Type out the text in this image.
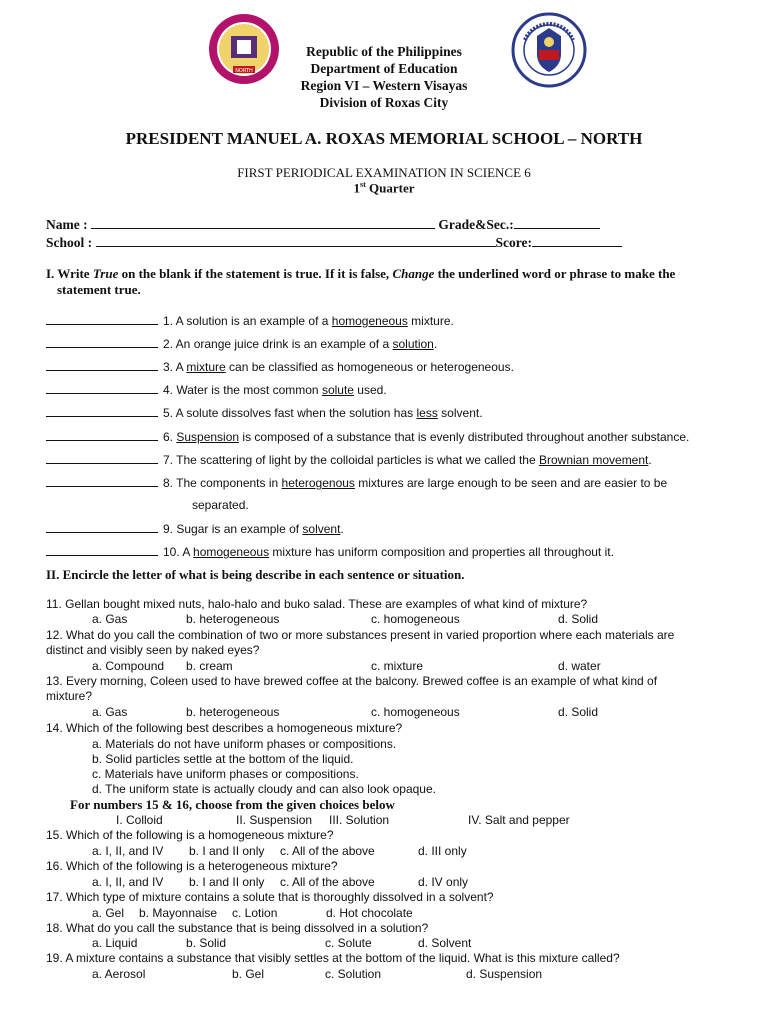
NORTH
Republic of the Philippines
Department of Education
Region VI – Western Visayas
Division of Roxas City
PRESIDENT MANUEL A. ROXAS MEMORIAL SCHOOL – NORTH
FIRST PERIODICAL EXAMINATION IN SCIENCE 6
1st Quarter
Name :	Grade&Sec.:
School :	Score:
I. Write True on the blank if the statement is true. If it is false, Change the underlined word or phrase to make the
statement true.
1. A solution is an example of a homogeneous mixture.
2. An orange juice drink is an example of a solution.
3. A mixture can be classified as homogeneous or heterogeneous.
4. Water is the most common solute used.
5. A solute dissolves fast when the solution has less solvent.
6. Suspension is composed of a substance that is evenly distributed throughout another substance.
7. The scattering of light by the colloidal particles is what we called the Brownian movement.
8. The components in heterogenous mixtures are large enough to be seen and are easier to be
9. Sugar is an example of solvent.
10. A homogeneous mixture has uniform composition and properties all throughout it.
separated.
II. Encircle the letter of what is being describe in each sentence or situation.
11. Gellan bought mixed nuts, halo-halo and buko salad. These are examples of what kind of mixture?
a. Gas	b. heterogeneous	c. homogeneous	d. Solid
12. What do you call the combination of two or more substances present in varied proportion where each materials are
distinct and visibly seen by naked eyes?
a. Compound b. cream	c. mixture	d. water
13. Every morning, Coleen used to have brewed coffee at the balcony. Brewed coffee is an example of what kind of
mixture?
a. Gas	b. heterogeneous	c. homogeneous	d. Solid
14. Which of the following best describes a homogeneous mixture?
a. Materials do not have uniform phases or compositions.
b. Solid particles settle at the bottom of the liquid.
c. Materials have uniform phases or compositions.
d. The uniform state is actually cloudy and can also look opaque.
For numbers 15 & 16, choose from the given choices below
I. Colloid	II. Suspension III. Solution	IV. Salt and pepper
15. Which of the following is a homogeneous mixture?
a. I, II, and IV b. I and II only c. All of the above	d. III only
16. Which of the following is a heterogeneous mixture?
a. I, II, and IV b. I and II only c. All of the above	d. IV only
17. Which type of mixture contains a solute that is thoroughly dissolved in a solvent?
a. Gel b. Mayonnaise c. Lotion	d. Hot chocolate
18. What do you call the substance that is being dissolved in a solution?
a. Liquid	b. Solid	c. Solute	d. Solvent
19. A mixture contains a substance that visibly settles at the bottom of the liquid. What is this mixture called?
a. Aerosol	b. Gel	c. Solution	d. Suspension
